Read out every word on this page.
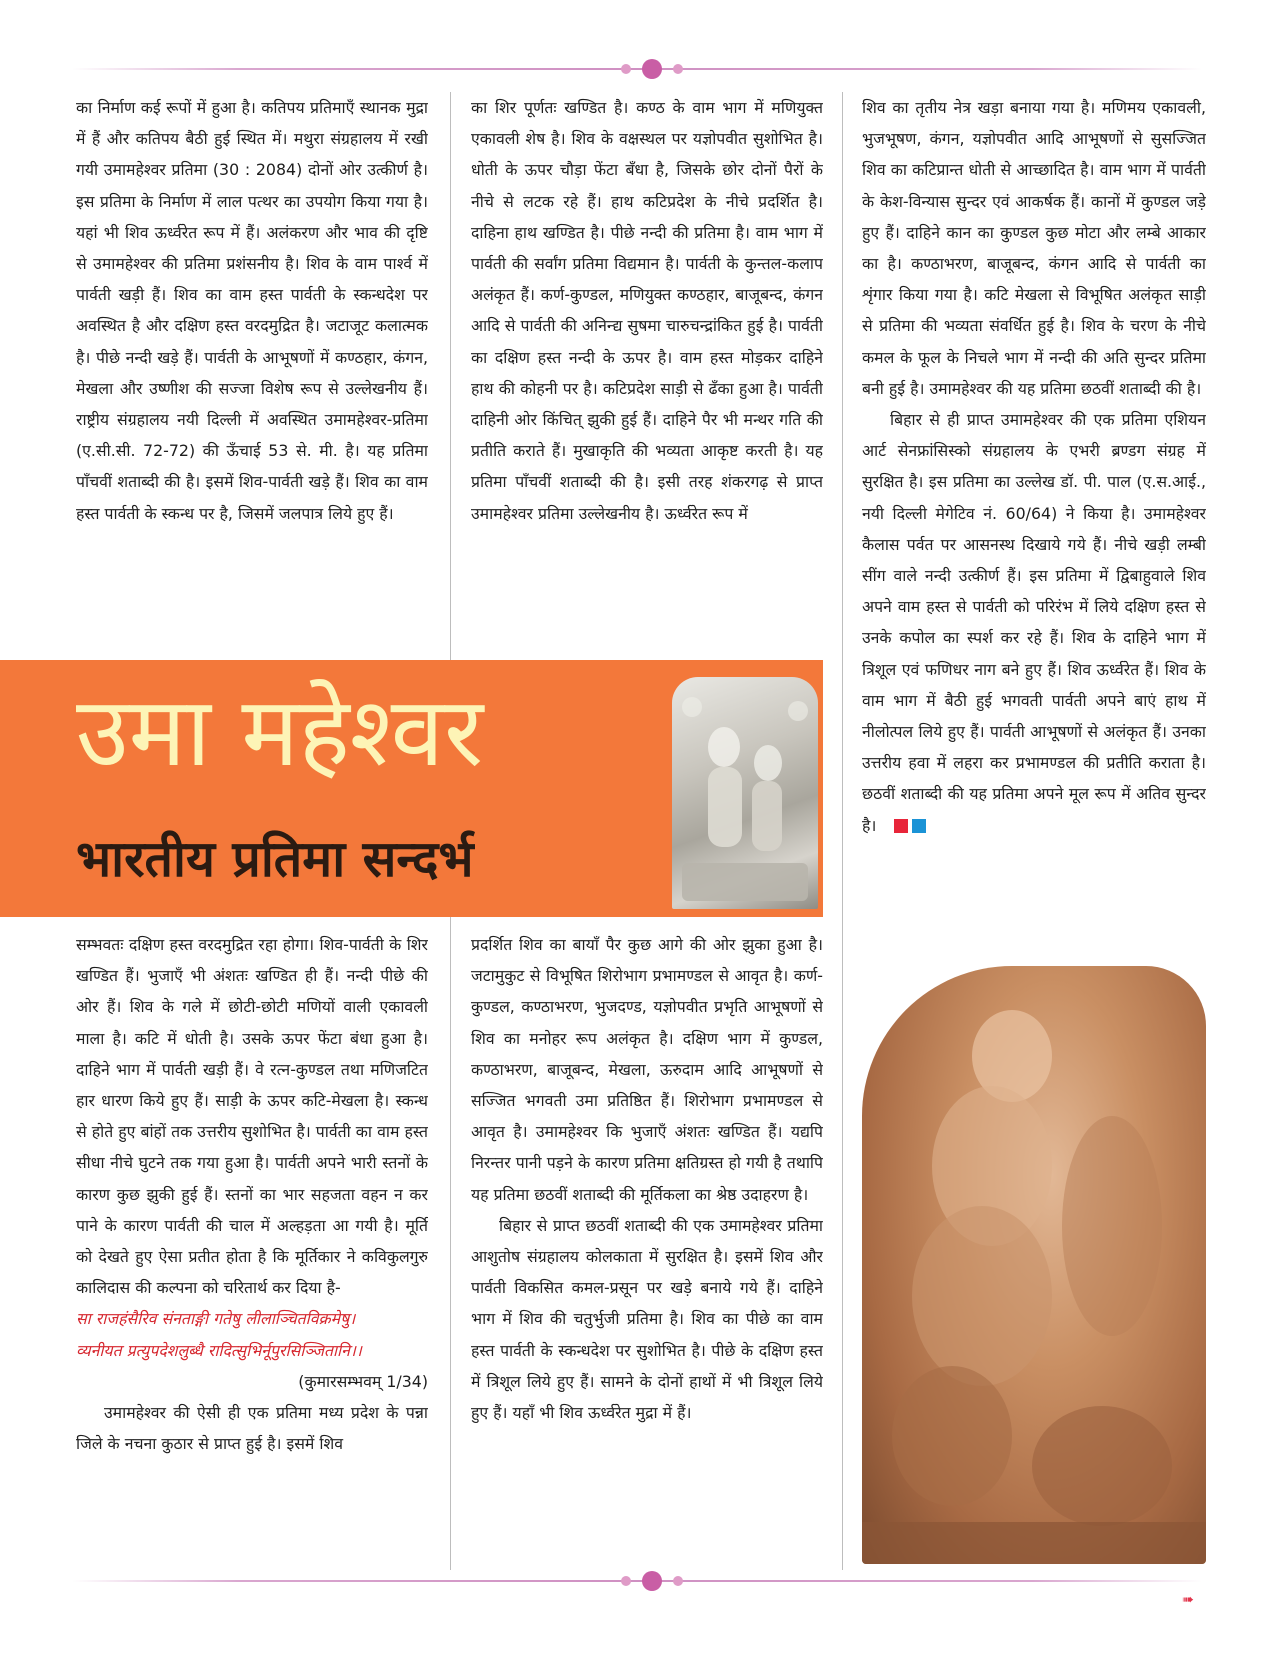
का निर्माण कई रूपों में हुआ है। कतिपय प्रतिमाएँ स्थानक मुद्रा में हैं और कतिपय बैठी हुई स्थित में। मथुरा संग्रहालय में रखी गयी उमामहेश्वर प्रतिमा (30 : 2084) दोनों ओर उत्कीर्ण है। इस प्रतिमा के निर्माण में लाल पत्थर का उपयोग किया गया है। यहां भी शिव ऊर्ध्वरेत रूप में हैं। अलंकरण और भाव की दृष्टि से उमामहेश्वर की प्रतिमा प्रशंसनीय है। शिव के वाम पार्श्व में पार्वती खड़ी हैं। शिव का वाम हस्त पार्वती के स्कन्धदेश पर अवस्थित है और दक्षिण हस्त वरदमुद्रित है। जटाजूट कलात्मक है। पीछे नन्दी खड़े हैं। पार्वती के आभूषणों में कण्ठहार, कंगन, मेखला और उष्णीश की सज्जा विशेष रूप से उल्लेखनीय हैं। राष्ट्रीय संग्रहालय नयी दिल्ली में अवस्थित उमामहेश्वर-प्रतिमा (ए.सी.सी. 72-72) की ऊँचाई 53 से. मी. है। यह प्रतिमा पाँचवीं शताब्दी की है। इसमें शिव-पार्वती खड़े हैं। शिव का वाम हस्त पार्वती के स्कन्ध पर है, जिसमें जलपात्र लिये हुए हैं।

का शिर पूर्णतः खण्डित है। कण्ठ के वाम भाग में मणियुक्त एकावली शेष है। शिव के वक्षस्थल पर यज्ञोपवीत सुशोभित है। धोती के ऊपर चौड़ा फेंटा बँधा है, जिसके छोर दोनों पैरों के नीचे से लटक रहे हैं। हाथ कटिप्रदेश के नीचे प्रदर्शित है। दाहिना हाथ खण्डित है। पीछे नन्दी की प्रतिमा है। वाम भाग में पार्वती की सर्वांग प्रतिमा विद्यमान है। पार्वती के कुन्तल-कलाप अलंकृत हैं। कर्ण-कुण्डल, मणियुक्त कण्ठहार, बाजूबन्द, कंगन आदि से पार्वती की अनिन्द्य सुषमा चारुचन्द्रांकित हुई है। पार्वती का दक्षिण हस्त नन्दी के ऊपर है। वाम हस्त मोड़कर दाहिने हाथ की कोहनी पर है। कटिप्रदेश साड़ी से ढँका हुआ है। पार्वती दाहिनी ओर किंचित् झुकी हुई हैं। दाहिने पैर भी मन्थर गति की प्रतीति कराते हैं। मुखाकृति की भव्यता आकृष्ट करती है। यह प्रतिमा पाँचवीं शताब्दी की है। इसी तरह शंकरगढ़ से प्राप्त उमामहेश्वर प्रतिमा उल्लेखनीय है। ऊर्ध्वरेत रूप में

शिव का तृतीय नेत्र खड़ा बनाया गया है। मणिमय एकावली, भुजभूषण, कंगन, यज्ञोपवीत आदि आभूषणों से सुसज्जित शिव का कटिप्रान्त धोती से आच्छादित है। वाम भाग में पार्वती के केश-विन्यास सुन्दर एवं आकर्षक हैं। कानों में कुण्डल जड़े हुए हैं। दाहिने कान का कुण्डल कुछ मोटा और लम्बे आकार का है। कण्ठाभरण, बाजूबन्द, कंगन आदि से पार्वती का शृंगार किया गया है। कटि मेखला से विभूषित अलंकृत साड़ी से प्रतिमा की भव्यता संवर्धित हुई है। शिव के चरण के नीचे कमल के फूल के निचले भाग में नन्दी की अति सुन्दर प्रतिमा बनी हुई है। उमामहेश्वर की यह प्रतिमा छठवीं शताब्दी की है।

बिहार से ही प्राप्त उमामहेश्वर की एक प्रतिमा एशियन आर्ट सेनफ्रांसिस्को संग्रहालय के एभरी ब्रण्डग संग्रह में सुरक्षित है। इस प्रतिमा का उल्लेख डॉ. पी. पाल (ए.स.आई., नयी दिल्ली मेगेटिव नं. 60/64) ने किया है। उमामहेश्वर कैलास पर्वत पर आसनस्थ दिखाये गये हैं। नीचे खड़ी लम्बी सींग वाले नन्दी उत्कीर्ण हैं। इस प्रतिमा में द्विबाहुवाले शिव अपने वाम हस्त से पार्वती को परिरंभ में लिये दक्षिण हस्त से उनके कपोल का स्पर्श कर रहे हैं। शिव के दाहिने भाग में त्रिशूल एवं फणिधर नाग बने हुए हैं। शिव ऊर्ध्वरेत हैं। शिव के वाम भाग में बैठी हुई भगवती पार्वती अपने बाएं हाथ में नीलोत्पल लिये हुए हैं। पार्वती आभूषणों से अलंकृत हैं। उनका उत्तरीय हवा में लहरा कर प्रभामण्डल की प्रतीति कराता है। छठवीं शताब्दी की यह प्रतिमा अपने मूल रूप में अतिव सुन्दर है।

उमा महेश्वर
भारतीय प्रतिमा सन्दर्भ

सम्भवतः दक्षिण हस्त वरदमुद्रित रहा होगा। शिव-पार्वती के शिर खण्डित हैं। भुजाएँ भी अंशतः खण्डित ही हैं। नन्दी पीछे की ओर हैं। शिव के गले में छोटी-छोटी मणियों वाली एकावली माला है। कटि में धोती है। उसके ऊपर फेंटा बंधा हुआ है। दाहिने भाग में पार्वती खड़ी हैं। वे रत्न-कुण्डल तथा मणिजटित हार धारण किये हुए हैं। साड़ी के ऊपर कटि-मेखला है। स्कन्ध से होते हुए बांहों तक उत्तरीय सुशोभित है। पार्वती का वाम हस्त सीधा नीचे घुटने तक गया हुआ है। पार्वती अपने भारी स्तनों के कारण कुछ झुकी हुई हैं। स्तनों का भार सहजता वहन न कर पाने के कारण पार्वती की चाल में अल्हड़ता आ गयी है। मूर्ति को देखते हुए ऐसा प्रतीत होता है कि मूर्तिकार ने कविकुलगुरु कालिदास की कल्पना को चरितार्थ कर दिया है-

सा राजहंसैरिव संनताङ्गी गतेषु लीलाञ्चितविक्रमेषु।

व्यनीयत प्रत्युपदेशलुब्धै रादित्सुभिर्नूपुरसिञ्जितानि।।

(कुमारसम्भवम् 1/34)

उमामहेश्वर की ऐसी ही एक प्रतिमा मध्य प्रदेश के पन्ना जिले के नचना कुठार से प्राप्त हुई है। इसमें शिव

प्रदर्शित शिव का बायाँ पैर कुछ आगे की ओर झुका हुआ है। जटामुकुट से विभूषित शिरोभाग प्रभामण्डल से आवृत है। कर्ण-कुण्डल, कण्ठाभरण, भुजदण्ड, यज्ञोपवीत प्रभृति आभूषणों से शिव का मनोहर रूप अलंकृत है। दक्षिण भाग में कुण्डल, कण्ठाभरण, बाजूबन्द, मेखला, ऊरुदाम आदि आभूषणों से सज्जित भगवती उमा प्रतिष्ठित हैं। शिरोभाग प्रभामण्डल से आवृत है। उमामहेश्वर कि भुजाएँ अंशतः खण्डित हैं। यद्यपि निरन्तर पानी पड़ने के कारण प्रतिमा क्षतिग्रस्त हो गयी है तथापि यह प्रतिमा छठवीं शताब्दी की मूर्तिकला का श्रेष्ठ उदाहरण है।

बिहार से प्राप्त छठवीं शताब्दी की एक उमामहेश्वर प्रतिमा आशुतोष संग्रहालय कोलकाता में सुरक्षित है। इसमें शिव और पार्वती विकसित कमल-प्रसून पर खड़े बनाये गये हैं। दाहिने भाग में शिव की चतुर्भुजी प्रतिमा है। शिव का पीछे का वाम हस्त पार्वती के स्कन्धदेश पर सुशोभित है। पीछे के दक्षिण हस्त में त्रिशूल लिये हुए हैं। सामने के दोनों हाथों में भी त्रिशूल लिये हुए हैं। यहाँ भी शिव ऊर्ध्वरेत मुद्रा में हैं।

➠
